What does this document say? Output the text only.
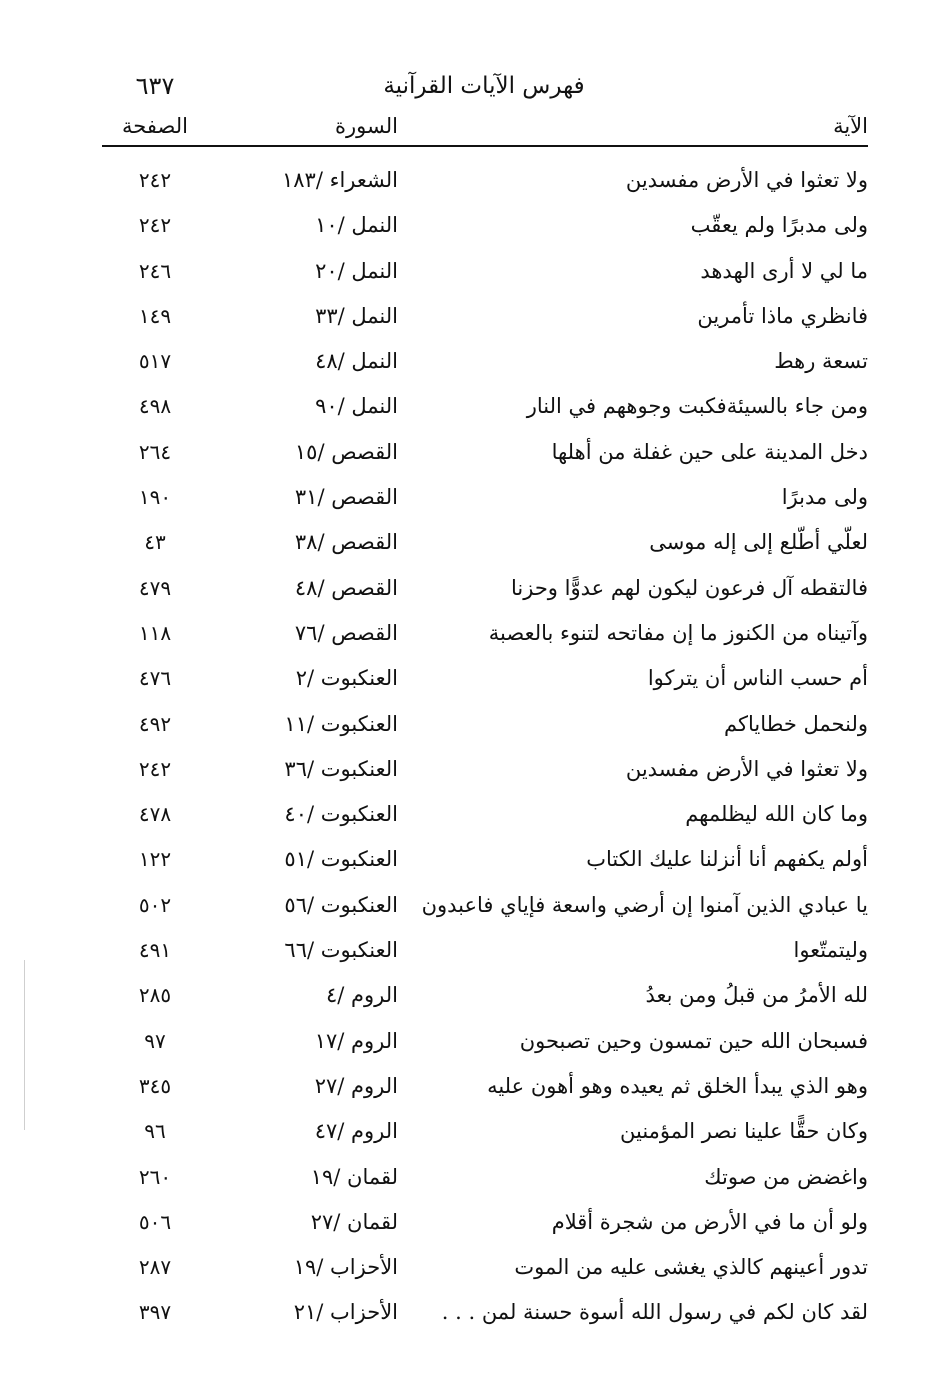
فهرس الآيات القرآنية
٦٣٧
الآية
السورة
الصفحة
ولا تعثوا في الأرض مفسدين
الشعراء /١٨٣
٢٤٢
ولى مدبرًا ولم يعقّب
النمل /١٠
٢٤٢
ما لي لا أرى الهدهد
النمل /٢٠
٢٤٦
فانظري ماذا تأمرين
النمل /٣٣
١٤٩
تسعة رهط
النمل /٤٨
٥١٧
ومن جاء بالسيئةفكبت وجوههم في النار
النمل /٩٠
٤٩٨
دخل المدينة على حين غفلة من أهلها
القصص /١٥
٢٦٤
ولى مدبرًا
القصص /٣١
١٩٠
لعلّي أطّلع إلى إله موسى
القصص /٣٨
٤٣
فالتقطه آل فرعون ليكون لهم عدوًّا وحزنا
القصص /٤٨
٤٧٩
وآتيناه من الكنوز ما إن مفاتحه لتنوء بالعصبة
القصص /٧٦
١١٨
أم حسب الناس أن يتركوا
العنكبوت /٢
٤٧٦
ولنحمل خطاياكم
العنكبوت /١١
٤٩٢
ولا تعثوا في الأرض مفسدين
العنكبوت /٣٦
٢٤٢
وما كان الله ليظلمهم
العنكبوت /٤٠
٤٧٨
أولم يكفهم أنا أنزلنا عليك الكتاب
العنكبوت /٥١
١٢٢
يا عبادي الذين آمنوا إن أرضي واسعة فإياي فاعبدون
العنكبوت /٥٦
٥٠٢
وليتمتّعوا
العنكبوت /٦٦
٤٩١
لله الأمرُ من قبلُ ومن بعدُ
الروم /٤
٢٨٥
فسبحان الله حين تمسون وحين تصبحون
الروم /١٧
٩٧
وهو الذي يبدأ الخلق ثم يعيده وهو أهون عليه
الروم /٢٧
٣٤٥
وكان حقًّا علينا نصر المؤمنين
الروم /٤٧
٩٦
واغضض من صوتك
لقمان /١٩
٢٦٠
ولو أن ما في الأرض من شجرة أقلام
لقمان /٢٧
٥٠٦
تدور أعينهم كالذي يغشى عليه من الموت
الأحزاب /١٩
٢٨٧
لقد كان لكم في رسول الله أسوة حسنة لمن . . .
الأحزاب /٢١
٣٩٧
